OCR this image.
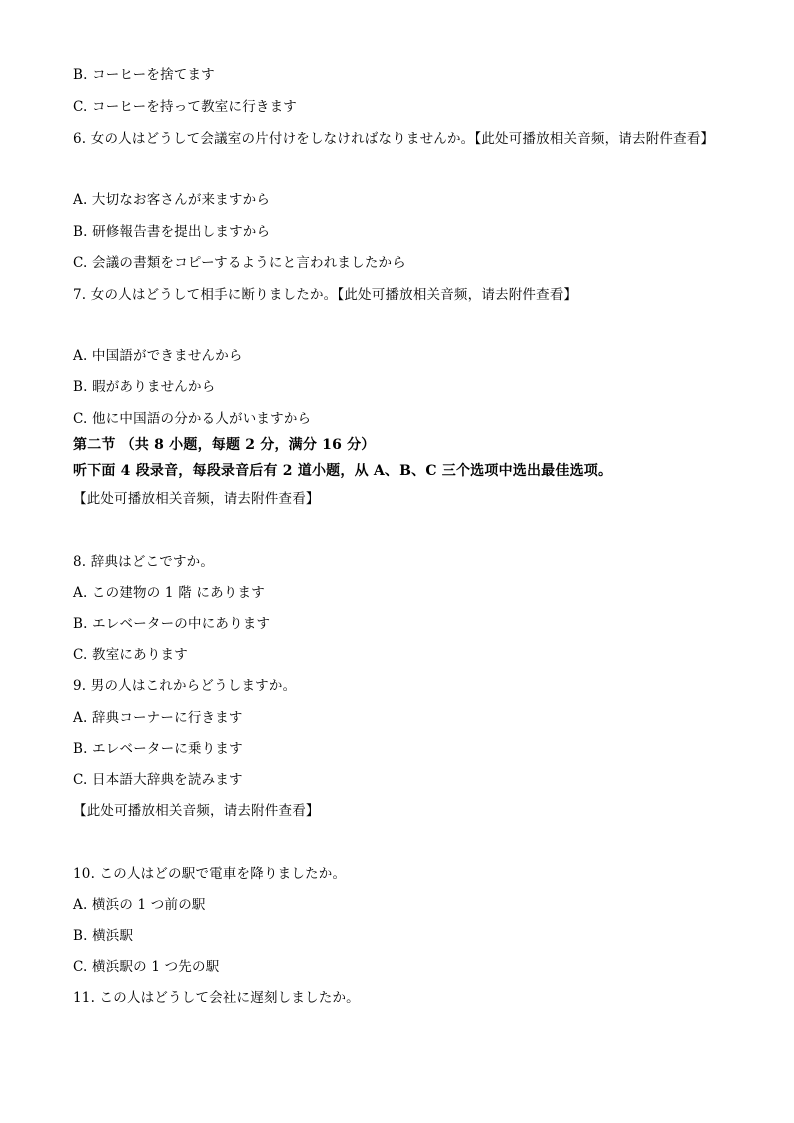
B. コーヒーを捨てます
C. コーヒーを持って教室に行きます
6. 女の人はどうして会議室の片付けをしなければなりませんか。【此处可播放相关音频，请去附件查看】
A. 大切なお客さんが来ますから
B. 研修報告書を提出しますから
C. 会議の書類をコピーするようにと言われましたから
7. 女の人はどうして相手に断りましたか。【此处可播放相关音频，请去附件查看】
A. 中国語ができませんから
B. 暇がありませんから
C. 他に中国語の分かる人がいますから
第二节 （共 8 小题，每题 2 分，满分 16 分）
听下面 4 段录音，每段录音后有 2 道小题，从 A、B、C 三个选项中选出最佳选项。
【此处可播放相关音频，请去附件查看】
8. 辞典はどこですか。
A. この建物の 1 階 にあります
B. エレベーターの中にあります
C. 教室にあります
9. 男の人はこれからどうしますか。
A. 辞典コーナーに行きます
B. エレベーターに乗ります
C. 日本語大辞典を読みます
【此处可播放相关音频，请去附件查看】
10. この人はどの駅で電車を降りましたか。
A. 横浜の 1 つ前の駅
B. 横浜駅
C. 横浜駅の 1 つ先の駅
11. この人はどうして会社に遅刻しましたか。
